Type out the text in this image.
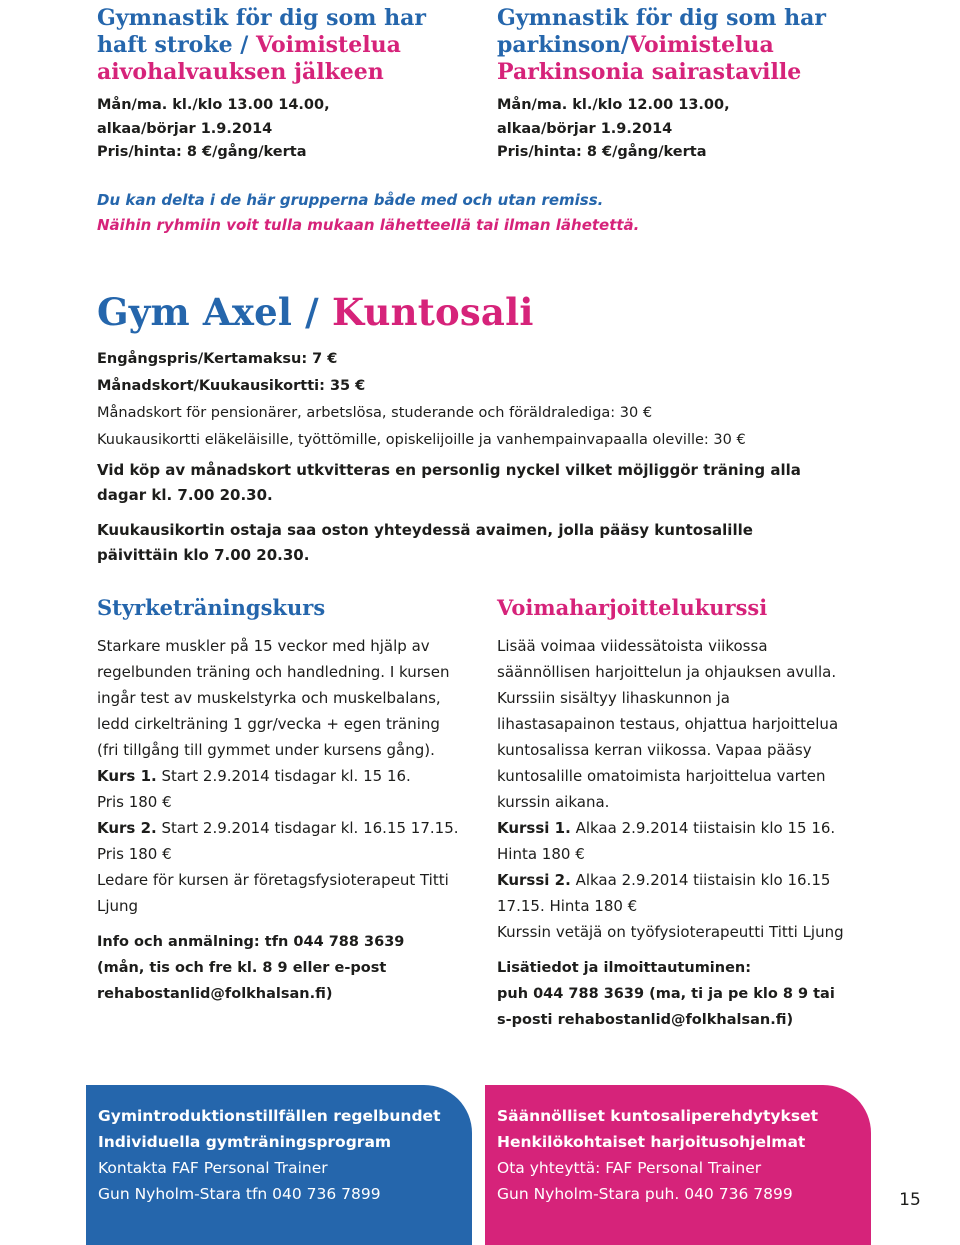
Gymnastik för dig som har haft stroke / Voimistelua aivohalvauksen jälkeen

Mån/ma. kl./klo 13.00 14.00,

alkaa/börjar 1.9.2014

Pris/hinta: 8 €/gång/kerta

Gymnastik för dig som har parkinson/Voimistelua Parkinsonia sairastaville

Mån/ma. kl./klo 12.00 13.00,

alkaa/börjar 1.9.2014

Pris/hinta: 8 €/gång/kerta

Du kan delta i de här grupperna både med och utan remiss.
Näihin ryhmiin voit tulla mukaan lähetteellä tai ilman lähetettä.
Gym Axel / Kuntosali
Engångspris/Kertamaksu: 7 €
Månadskort/Kuukausikortti: 35 €
Månadskort för pensionärer, arbetslösa, studerande och föräldralediga: 30 €
Kuukausikortti eläkeläisille, työttömille, opiskelijoille ja vanhempainvapaalla oleville: 30 €
Vid köp av månadskort utkvitteras en personlig nyckel vilket möjliggör träning alla dagar kl. 7.00 20.30.
Kuukausikortin ostaja saa oston yhteydessä avaimen, jolla pääsy kuntosalille päivittäin klo 7.00 20.30.
Styrketräningskurs

Starkare muskler på 15 veckor med hjälp av regelbunden träning och handledning. I kursen ingår test av muskelstyrka och muskelbalans, ledd cirkelträning 1 ggr/vecka + egen träning (fri tillgång till gymmet under kursens gång).

Kurs 1. Start 2.9.2014 tisdagar kl. 15 16.

Pris 180 €

Kurs 2. Start 2.9.2014 tisdagar kl. 16.15 17.15.

Pris 180 €

Ledare för kursen är företagsfysioterapeut Titti Ljung

Info och anmälning: tfn 044 788 3639

(mån, tis och fre kl. 8 9 eller e-post

rehabostanlid@folkhalsan.fi)

Voimaharjoittelukurssi

Lisää voimaa viidessätoista viikossa säännöllisen harjoittelun ja ohjauksen avulla. Kurssiin sisältyy lihaskunnon ja lihastasapainon testaus, ohjattua harjoittelua kuntosalissa kerran viikossa. Vapaa pääsy kuntosalille omatoimista harjoittelua varten kurssin aikana.

Kurssi 1. Alkaa 2.9.2014 tiistaisin klo 15 16.

Hinta 180 €

Kurssi 2. Alkaa 2.9.2014 tiistaisin klo 16.15 17.15. Hinta 180 €

Kurssin vetäjä on työfysioterapeutti Titti Ljung

Lisätiedot ja ilmoittautuminen:

puh 044 788 3639 (ma, ti ja pe klo 8 9 tai

s-posti rehabostanlid@folkhalsan.fi)

Gymintroduktionstillfällen regelbundet

Individuella gymträningsprogram

Kontakta FAF Personal Trainer

Gun Nyholm-Stara tfn 040 736 7899

Säännölliset kuntosaliperehdytykset

Henkilökohtaiset harjoitusohjelmat

Ota yhteyttä: FAF Personal Trainer

Gun Nyholm-Stara puh. 040 736 7899	15
